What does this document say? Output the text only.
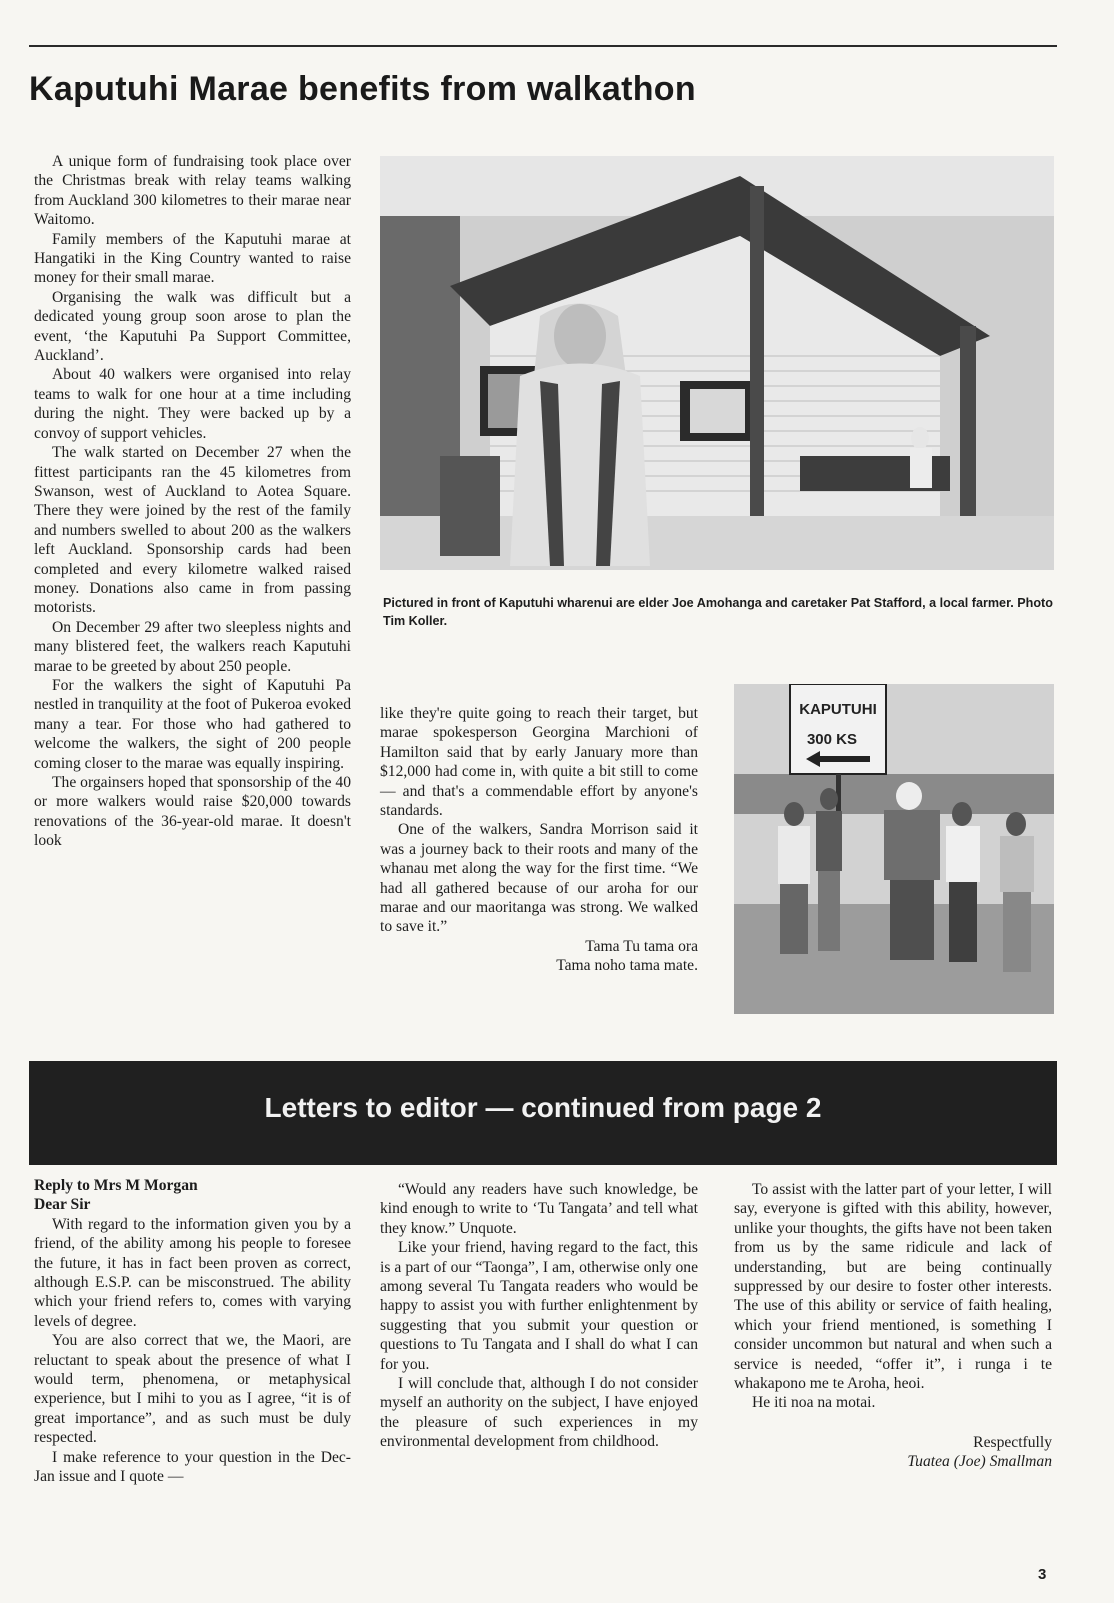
Kaputuhi Marae benefits from walkathon

A unique form of fundraising took place over the Christmas break with relay teams walking from Auckland 300 kilometres to their marae near Waitomo.

Family members of the Kaputuhi marae at Hangatiki in the King Country wanted to raise money for their small marae.

Organising the walk was difficult but a dedicated young group soon arose to plan the event, ‘the Kaputuhi Pa Support Committee, Auckland’.

About 40 walkers were organised into relay teams to walk for one hour at a time including during the night. They were backed up by a convoy of support vehicles.

The walk started on December 27 when the fittest participants ran the 45 kilometres from Swanson, west of Auckland to Aotea Square. There they were joined by the rest of the family and numbers swelled to about 200 as the walkers left Auckland. Sponsorship cards had been completed and every kilometre walked raised money. Donations also came in from passing motorists.

On December 29 after two sleepless nights and many blistered feet, the walkers reach Kaputuhi marae to be greeted by about 250 people.

For the walkers the sight of Kaputuhi Pa nestled in tranquility at the foot of Pukeroa evoked many a tear. For those who had gathered to welcome the walkers, the sight of 200 people coming closer to the marae was equally inspiring.

The orgainsers hoped that sponsorship of the 40 or more walkers would raise $20,000 towards renovations of the 36-year-old marae. It doesn't look

Pictured in front of Kaputuhi wharenui are elder Joe Amohanga and caretaker Pat Stafford, a local farmer. Photo Tim Koller.

like they're quite going to reach their target, but marae spokesperson Georgina Marchioni of Hamilton said that by early January more than $12,000 had come in, with quite a bit still to come — and that's a commendable effort by anyone's standards.

One of the walkers, Sandra Morrison said it was a journey back to their roots and many of the whanau met along the way for the first time. “We had all gathered because of our aroha for our marae and our maoritanga was strong. We walked to save it.”

Tama Tu tama ora

Tama noho tama mate.

KAPUTUHI
300 KS
Letters to editor — continued from page 2

Reply to Mrs M Morgan

Dear Sir

With regard to the information given you by a friend, of the ability among his people to foresee the future, it has in fact been proven as correct, although E.S.P. can be misconstrued. The ability which your friend refers to, comes with varying levels of degree.

You are also correct that we, the Maori, are reluctant to speak about the presence of what I would term, phenomena, or metaphysical experience, but I mihi to you as I agree, “it is of great importance”, and as such must be duly respected.

I make reference to your question in the Dec-Jan issue and I quote —

“Would any readers have such knowledge, be kind enough to write to ‘Tu Tangata’ and tell what they know.” Unquote.

Like your friend, having regard to the fact, this is a part of our “Taonga”, I am, otherwise only one among several Tu Tangata readers who would be happy to assist you with further enlightenment by suggesting that you submit your question or questions to Tu Tangata and I shall do what I can for you.

I will conclude that, although I do not consider myself an authority on the subject, I have enjoyed the pleasure of such experiences in my environmental development from childhood.

To assist with the latter part of your letter, I will say, everyone is gifted with this ability, however, unlike your thoughts, the gifts have not been taken from us by the same ridicule and lack of understanding, but are being continually suppressed by our desire to foster other interests. The use of this ability or service of faith healing, which your friend mentioned, is something I consider uncommon but natural and when such a service is needed, “offer it”, i runga i te whakapono me te Aroha, heoi.

He iti noa na motai.

Respectfully

Tuatea (Joe) Smallman

3
